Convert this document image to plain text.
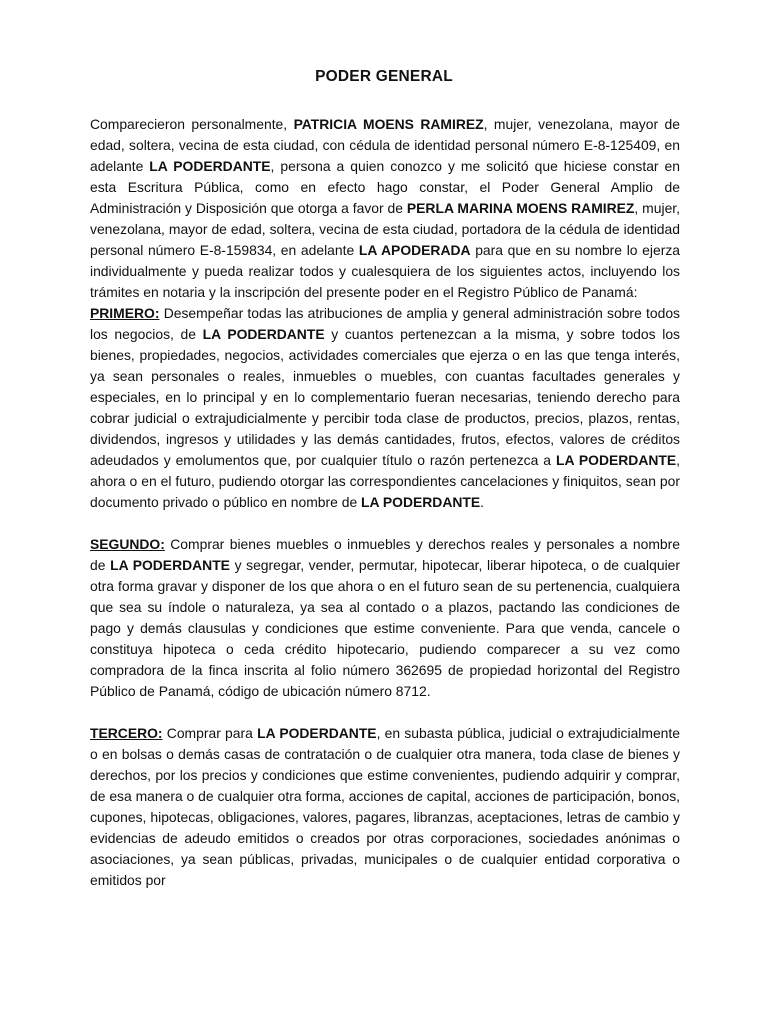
PODER GENERAL

Comparecieron personalmente, PATRICIA MOENS RAMIREZ, mujer, venezolana, mayor de edad, soltera, vecina de esta ciudad, con cédula de identidad personal número E-8-125409, en adelante LA PODERDANTE, persona a quien conozco y me solicitó que hiciese constar en esta Escritura Pública, como en efecto hago constar, el Poder General Amplio de Administración y Disposición que otorga a favor de PERLA MARINA MOENS RAMIREZ, mujer, venezolana, mayor de edad, soltera, vecina de esta ciudad, portadora de la cédula de identidad personal número E-8-159834, en adelante LA APODERADA para que en su nombre lo ejerza individualmente y pueda realizar todos y cualesquiera de los siguientes actos, incluyendo los trámites en notaria y la inscripción del presente poder en el Registro Público de Panamá:

PRIMERO: Desempeñar todas las atribuciones de amplia y general administración sobre todos los negocios, de LA PODERDANTE y cuantos pertenezcan a la misma, y sobre todos los bienes, propiedades, negocios, actividades comerciales que ejerza o en las que tenga interés, ya sean personales o reales, inmuebles o muebles, con cuantas facultades generales y especiales, en lo principal y en lo complementario fueran necesarias, teniendo derecho para cobrar judicial o extrajudicialmente y percibir toda clase de productos, precios, plazos, rentas, dividendos, ingresos y utilidades y las demás cantidades, frutos, efectos, valores de créditos adeudados y emolumentos que, por cualquier título o razón pertenezca a LA PODERDANTE, ahora o en el futuro, pudiendo otorgar las correspondientes cancelaciones y finiquitos, sean por documento privado o público en nombre de LA PODERDANTE.

SEGUNDO: Comprar bienes muebles o inmuebles y derechos reales y personales a nombre de LA PODERDANTE y segregar, vender, permutar, hipotecar, liberar hipoteca, o de cualquier otra forma gravar y disponer de los que ahora o en el futuro sean de su pertenencia, cualquiera que sea su índole o naturaleza, ya sea al contado o a plazos, pactando las condiciones de pago y demás clausulas y condiciones que estime conveniente. Para que venda, cancele o constituya hipoteca o ceda crédito hipotecario, pudiendo comparecer a su vez como compradora de la finca inscrita al folio número 362695 de propiedad horizontal del Registro Público de Panamá, código de ubicación número 8712.

TERCERO: Comprar para LA PODERDANTE, en subasta pública, judicial o extrajudicialmente o en bolsas o demás casas de contratación o de cualquier otra manera, toda clase de bienes y derechos, por los precios y condiciones que estime convenientes, pudiendo adquirir y comprar, de esa manera o de cualquier otra forma, acciones de capital, acciones de participación, bonos, cupones, hipotecas, obligaciones, valores, pagares, libranzas, aceptaciones, letras de cambio y evidencias de adeudo emitidos o creados por otras corporaciones, sociedades anónimas o asociaciones, ya sean públicas, privadas, municipales o de cualquier entidad corporativa o emitidos por
